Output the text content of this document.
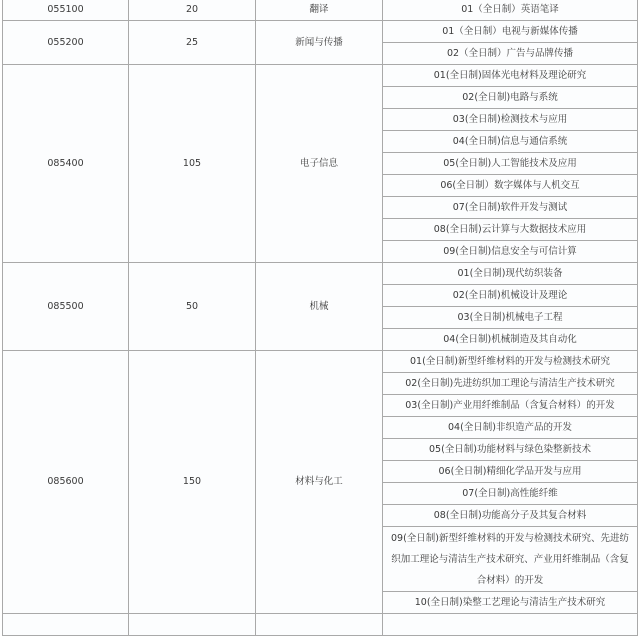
055100	20	翻译	01（全日制）英语笔译
055200	25	新闻与传播	01（全日制）电视与新媒体传播
			02（全日制）广告与品牌传播
085400	105	电子信息	01(全日制)固体光电材料及理论研究
			02(全日制)电路与系统
			03(全日制)检测技术与应用
			04(全日制)信息与通信系统
			05(全日制)人工智能技术及应用
			06(全日制）数字媒体与人机交互
			07(全日制)软件开发与测试
			08(全日制)云计算与大数据技术应用
			09(全日制)信息安全与可信计算
085500	50	机械	01(全日制)现代纺织装备
			02(全日制)机械设计及理论
			03(全日制)机械电子工程
			04(全日制)机械制造及其自动化
085600	150	材料与化工	01(全日制)新型纤维材料的开发与检测技术研究
			02(全日制)先进纺织加工理论与清洁生产技术研究
			03(全日制)产业用纤维制品（含复合材料）的开发
			04(全日制)非织造产品的开发
			05(全日制)功能材料与绿色染整新技术
			06(全日制)精细化学品开发与应用
			07(全日制)高性能纤维
			08(全日制)功能高分子及其复合材料
			09(全日制)新型纤维材料的开发与检测技术研究、先进纺织加工理论与清洁生产技术研究、产业用纤维制品（含复合材料）的开发
			10(全日制)染整工艺理论与清洁生产技术研究
